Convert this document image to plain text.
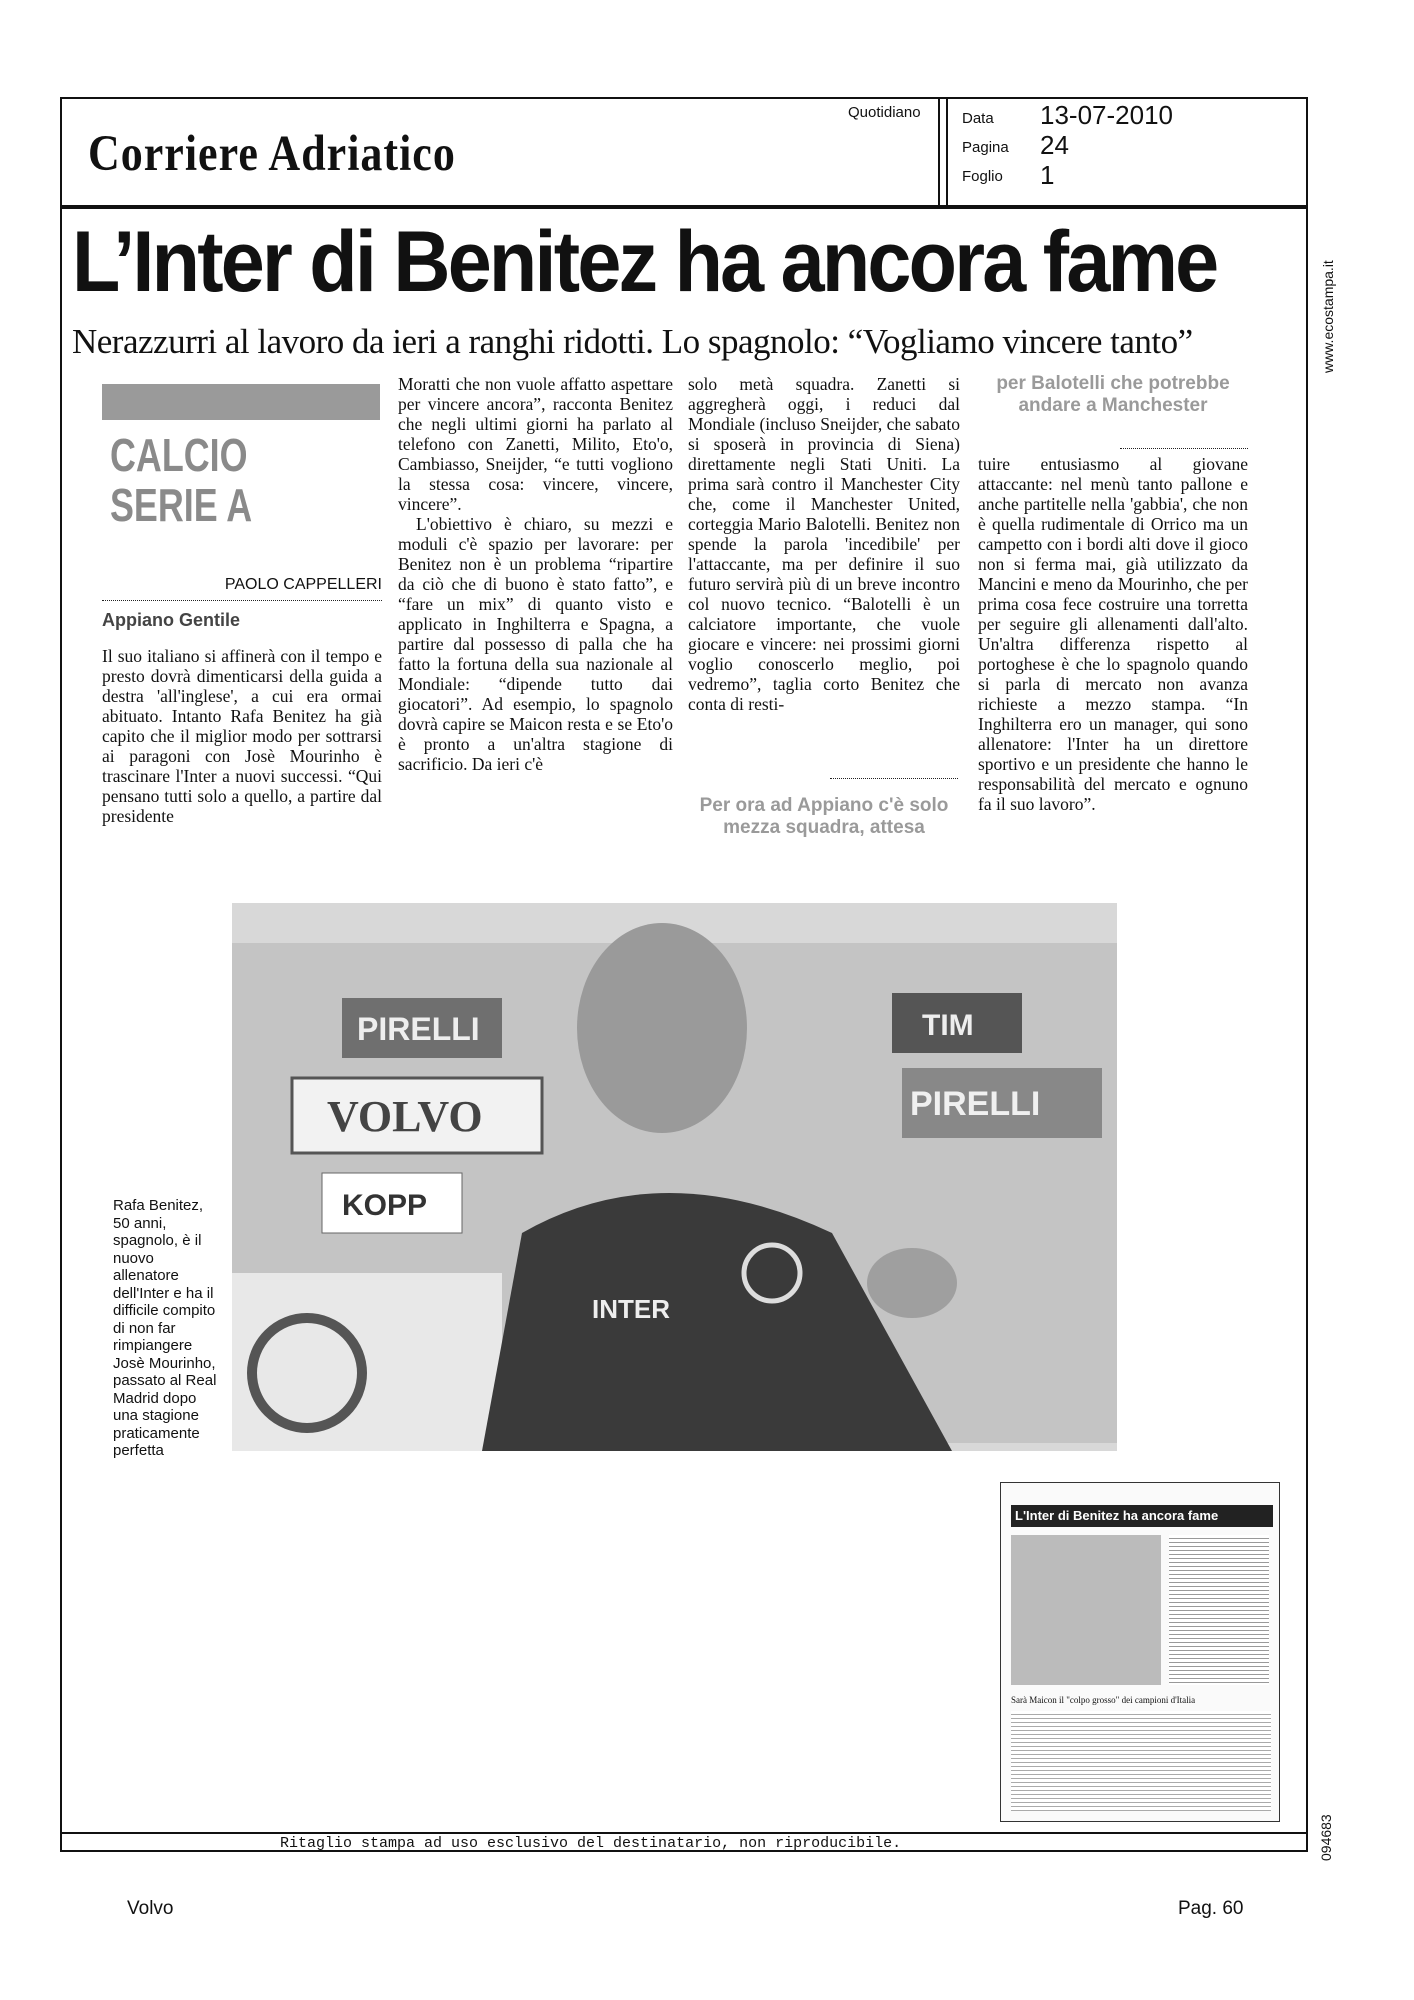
Corriere Adriatico
Quotidiano	Data 13-07-2010
Pagina 24
Foglio 1
www.ecostampa.it
094683
L’Inter di Benitez ha ancora fame
Nerazzurri al lavoro da ieri a ranghi ridotti. Lo spagnolo: “Vogliamo vincere tanto”
CALCIO
SERIE A
PAOLO CAPPELLERI
Appiano Gentile

Il suo italiano si affinerà con il tempo e presto dovrà dimenticarsi della guida a destra 'all'inglese', a cui era ormai abituato. Intanto Rafa Benitez ha già capito che il miglior modo per sottrarsi ai paragoni con Josè Mourinho è trascinare l'Inter a nuovi successi. “Qui pensano tutti solo a quello, a partire dal presidente

Moratti che non vuole affatto aspettare per vincere ancora”, racconta Benitez che negli ultimi giorni ha parlato al telefono con Zanetti, Milito, Eto'o, Cambiasso, Sneijder, “e tutti vogliono la stessa cosa: vincere, vincere, vincere”.

L'obiettivo è chiaro, su mezzi e moduli c'è spazio per lavorare: per Benitez non è un problema “ripartire da ciò che di buono è stato fatto”, e “fare un mix” di quanto visto e applicato in Inghilterra e Spagna, a partire dal possesso di palla che ha fatto la fortuna della sua nazionale al Mondiale: “dipende tutto dai giocatori”. Ad esempio, lo spagnolo dovrà capire se Maicon resta e se Eto'o è pronto a un'altra stagione di sacrificio. Da ieri c'è

solo metà squadra. Zanetti si aggregherà oggi, i reduci dal Mondiale (incluso Sneijder, che sabato si sposerà in provincia di Siena) direttamente negli Stati Uniti. La prima sarà contro il Manchester City che, come il Manchester United, corteggia Mario Balotelli. Benitez non spende la parola 'incedibile' per l'attaccante, ma per definire il suo futuro servirà più di un breve incontro col nuovo tecnico. “Balotelli è un calciatore importante, che vuole giocare e vincere: nei prossimi giorni voglio conoscerlo meglio, poi vedremo”, taglia corto Benitez che conta di resti-

Per ora ad Appiano c'è solo mezza squadra, attesa
per Balotelli che potrebbe andare a Manchester

tuire entusiasmo al giovane attaccante: nel menù tanto pallone e anche partitelle nella 'gabbia', che non è quella rudimentale di Orrico ma un campetto con i bordi alti dove il gioco non si ferma mai, già utilizzato da Mancini e meno da Mourinho, che per prima cosa fece costruire una torretta per seguire gli allenamenti dall'alto. Un'altra differenza rispetto al portoghese è che lo spagnolo quando si parla di mercato non avanza richieste a mezzo stampa. “In Inghilterra ero un manager, qui sono allenatore: l'Inter ha un direttore sportivo e un presidente che hanno le responsabilità del mercato e ognuno fa il suo lavoro”.

PIRELLI
VOLVO
TIM
PIRELLI
KOPP
INTER
Rafa Benitez, 50 anni, spagnolo, è il nuovo allenatore dell'Inter e ha il difficile compito di non far rimpiangere Josè Mourinho, passato al Real Madrid dopo una stagione praticamente perfetta
L'Inter di Benitez ha ancora fame
Sarà Maicon il "colpo grosso" dei campioni d'Italia
Ritaglio stampa ad uso esclusivo del destinatario, non riproducibile.
Volvo	Pag. 60
